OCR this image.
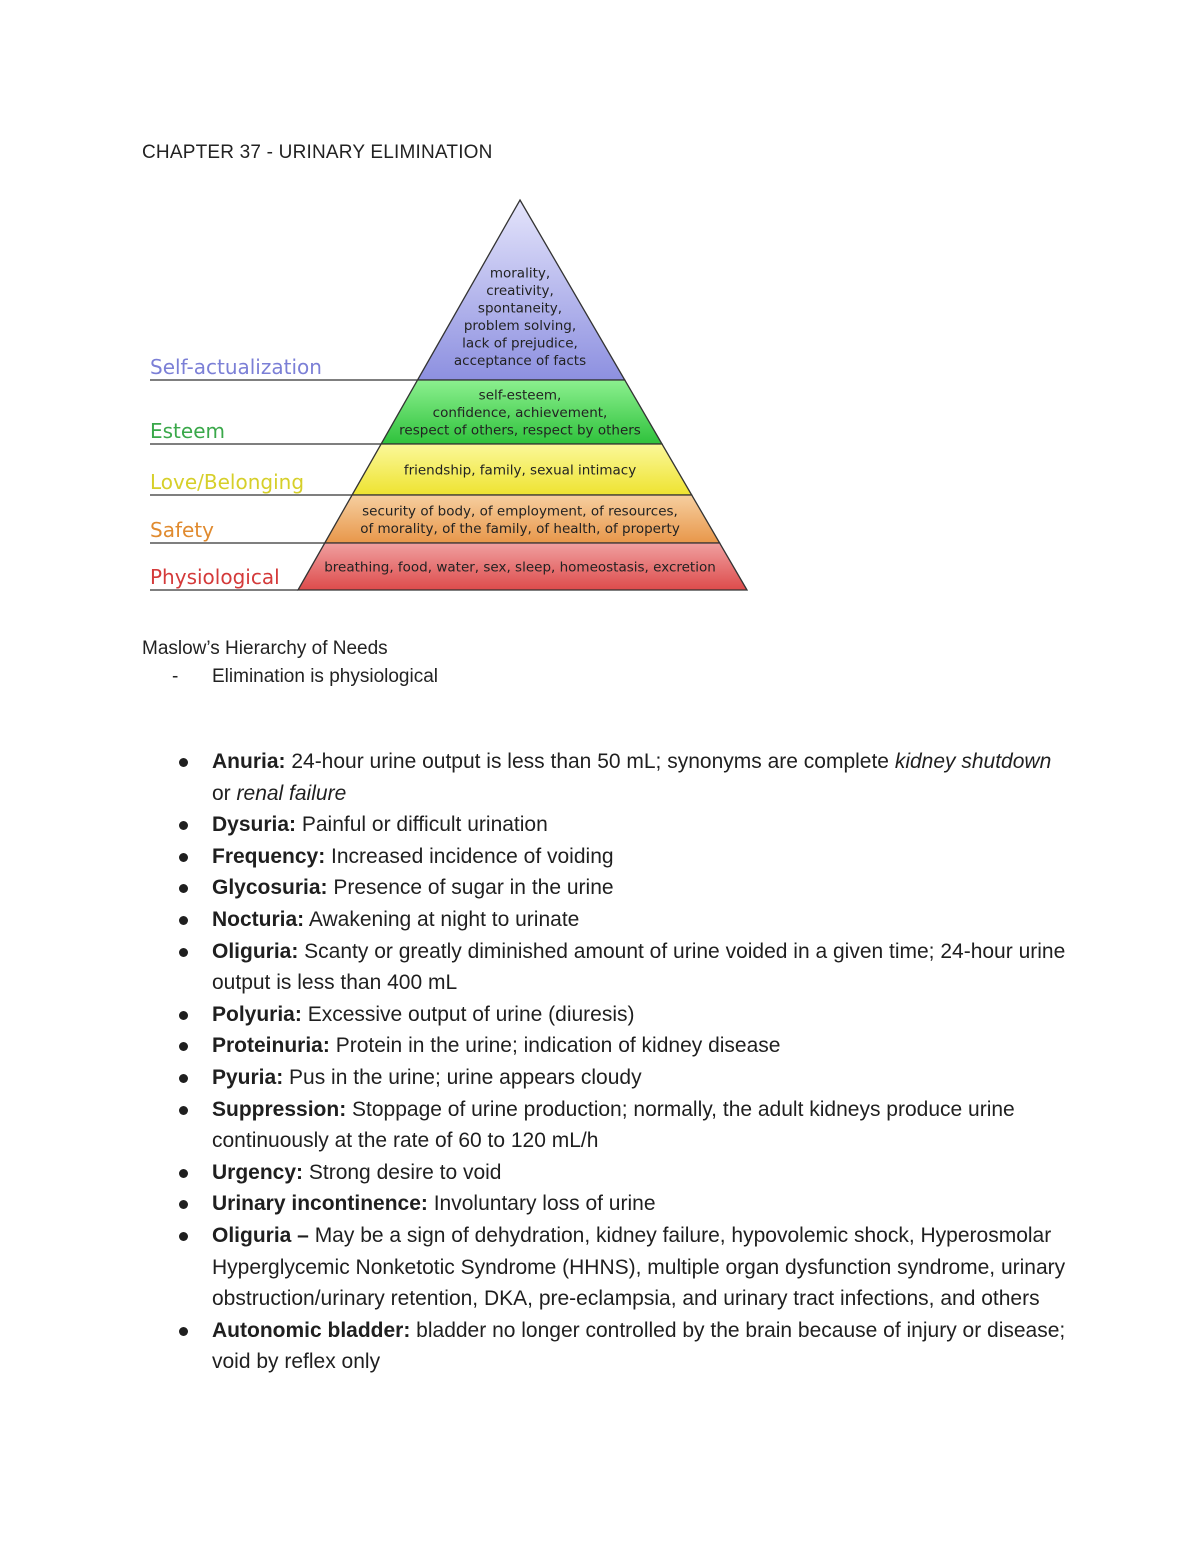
CHAPTER 37 - URINARY ELIMINATION
Self-actualization
morality,
creativity,
spontaneity,
problem solving,
lack of prejudice,
acceptance of facts
Esteem
self-esteem,
confidence, achievement,
respect of others, respect by others
Love/Belonging	friendship, family, sexual intimacy
Safety
security of body, of employment, of resources,
of morality, of the family, of health, of property
Physiological	breathing, food, water, sex, sleep, homeostasis, excretion
Maslow’s Hierarchy of Needs
- Elimination is physiological
Anuria: 24-hour urine output is less than 50 mL; synonyms are complete kidney shutdown or renal failure
Dysuria: Painful or difficult urination
Frequency: Increased incidence of voiding
Glycosuria: Presence of sugar in the urine
Nocturia: Awakening at night to urinate
Oliguria: Scanty or greatly diminished amount of urine voided in a given time; 24-hour urine output is less than 400 mL
Polyuria: Excessive output of urine (diuresis)
Proteinuria: Protein in the urine; indication of kidney disease
Pyuria: Pus in the urine; urine appears cloudy
Suppression: Stoppage of urine production; normally, the adult kidneys produce urine continuously at the rate of 60 to 120 mL/h
Urgency: Strong desire to void
Urinary incontinence: Involuntary loss of urine
Oliguria – May be a sign of dehydration, kidney failure, hypovolemic shock, Hyperosmolar Hyperglycemic Nonketotic Syndrome (HHNS), multiple organ dysfunction syndrome, urinary obstruction/urinary retention, DKA, pre-eclampsia, and urinary tract infections, and others
Autonomic bladder: bladder no longer controlled by the brain because of injury or disease; void by reflex only
